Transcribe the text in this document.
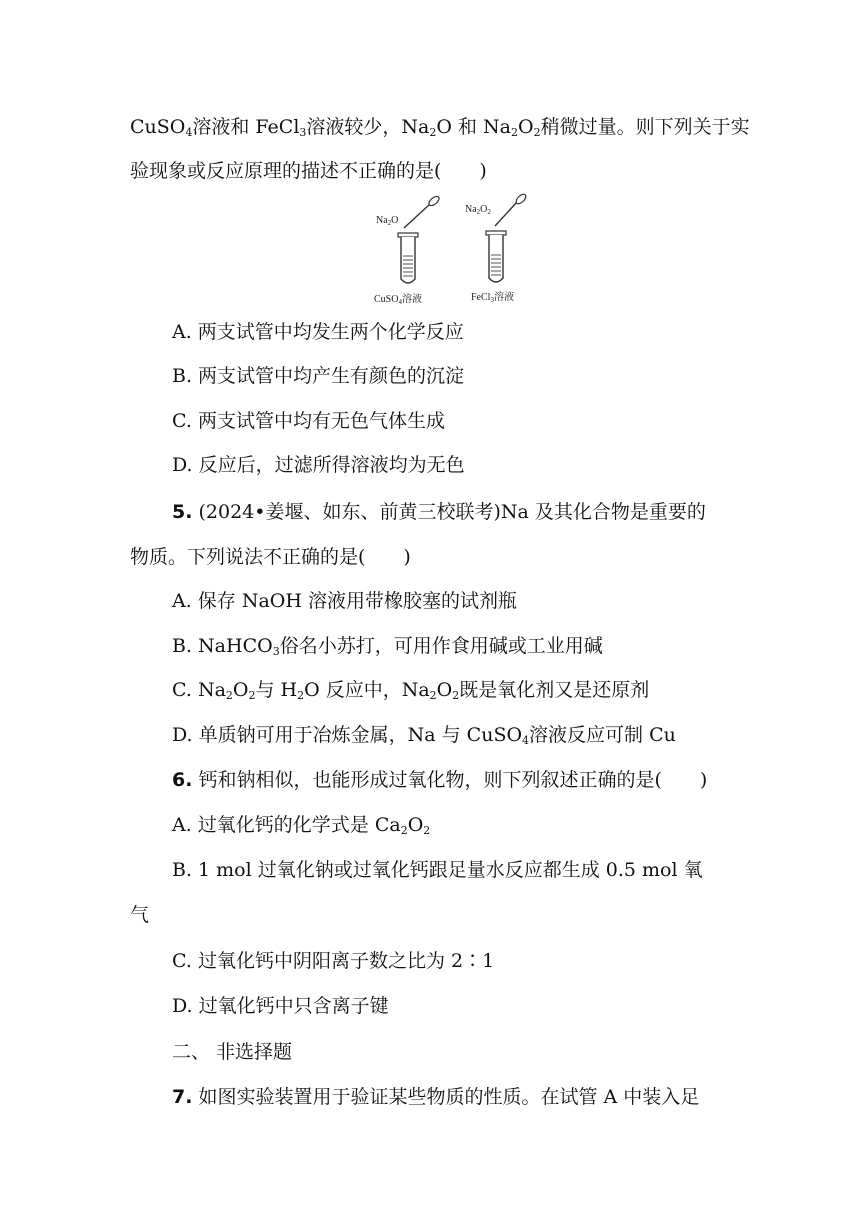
CuSO$_4$溶液和 FeCl$_3$溶液较少，$Na_2O$ 和 $Na_2O_2$稍微过量。则下列关于实
验现象或反应原理的描述不正确的是(　　)
$Na_2O$
$Na_2O_2$
CuSO$_4$溶液	FeCl$_3$溶液
A. 两支试管中均发生两个化学反应
B. 两支试管中均产生有颜色的沉淀
C. 两支试管中均有无色气体生成
D. 反应后，过滤所得溶液均为无色
5. (2024•姜堰、如东、前黄三校联考)Na 及其化合物是重要的
物质。下列说法不正确的是(　　)
A. 保存 NaOH 溶液用带橡胶塞的试剂瓶
B. NaHCO$_3$俗名小苏打，可用作食用碱或工业用碱
C. $Na_2O_2$与 $H_2O$ 反应中，$Na_2O_2$既是氧化剂又是还原剂
D. 单质钠可用于冶炼金属，Na 与 CuSO$_4$溶液反应可制 Cu
6. 钙和钠相似，也能形成过氧化物，则下列叙述正确的是(　　)
A. 过氧化钙的化学式是 $Ca_2O_2$
B. 1 mol 过氧化钠或过氧化钙跟足量水反应都生成 0.5 mol 氧
气
C. 过氧化钙中阴阳离子数之比为 2∶1
D. 过氧化钙中只含离子键
二、 非选择题
7. 如图实验装置用于验证某些物质的性质。在试管 A 中装入足
